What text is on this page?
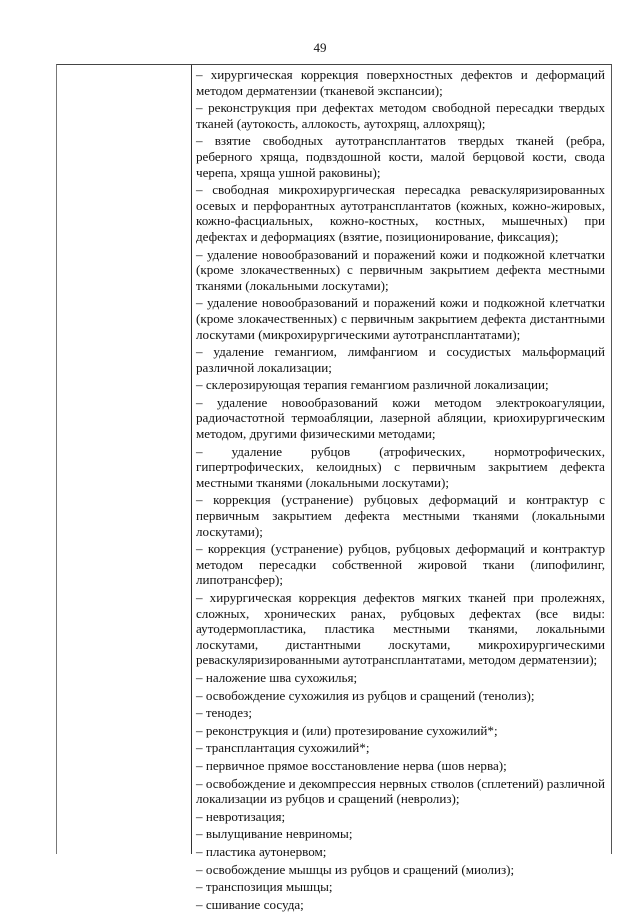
49

– хирургическая коррекция поверхностных дефектов и деформаций методом дерматензии (тканевой экспансии);

– реконструкция при дефектах методом свободной пересадки твердых тканей (аутокость, аллокость, аутохрящ, аллохрящ);

– взятие свободных аутотрансплантатов твердых тканей (ребра, реберного хряща, подвздошной кости, малой берцовой кости, свода черепа, хряща ушной раковины);

– свободная микрохирургическая пересадка реваскуляризированных осевых и перфорантных аутотрансплантатов (кожных, кожно-жировых, кожно-фасциальных, кожно-костных, костных, мышечных) при дефектах и деформациях (взятие, позиционирование, фиксация);

– удаление новообразований и поражений кожи и подкожной клетчатки (кроме злокачественных) с первичным закрытием дефекта местными тканями (локальными лоскутами);

– удаление новообразований и поражений кожи и подкожной клетчатки (кроме злокачественных) с первичным закрытием дефекта дистантными лоскутами (микрохирургическими аутотрансплантатами);

– удаление гемангиом, лимфангиом и сосудистых мальформаций различной локализации;

– склерозирующая терапия гемангиом различной локализации;

– удаление новообразований кожи методом электрокоагуляции, радиочастотной термоабляции, лазерной абляции, криохирургическим методом, другими физическими методами;

– удаление рубцов (атрофических, нормотрофических, гипертрофических, келоидных) с первичным закрытием дефекта местными тканями (локальными лоскутами);

– коррекция (устранение) рубцовых деформаций и контрактур с первичным закрытием дефекта местными тканями (локальными лоскутами);

– коррекция (устранение) рубцов, рубцовых деформаций и контрактур методом пересадки собственной жировой ткани (липофилинг, липотрансфер);

– хирургическая коррекция дефектов мягких тканей при пролежнях, сложных, хронических ранах, рубцовых дефектах (все виды: аутодермопластика, пластика местными тканями, локальными лоскутами, дистантными лоскутами, микрохирургическими реваскуляризированными аутотрансплантатами, методом дерматензии);

– наложение шва сухожилья;

– освобождение сухожилия из рубцов и сращений (тенолиз);

– тенодез;

– реконструкция и (или) протезирование сухожилий*;

– трансплантация сухожилий*;

– первичное прямое восстановление нерва (шов нерва);

– освобождение и декомпрессия нервных стволов (сплетений) различной локализации из рубцов и сращений (невролиз);

– невротизация;

– вылущивание невриномы;

– пластика аутонервом;

– освобождение мышцы из рубцов и сращений (миолиз);

– транспозиция мышцы;

– сшивание сосуда;
